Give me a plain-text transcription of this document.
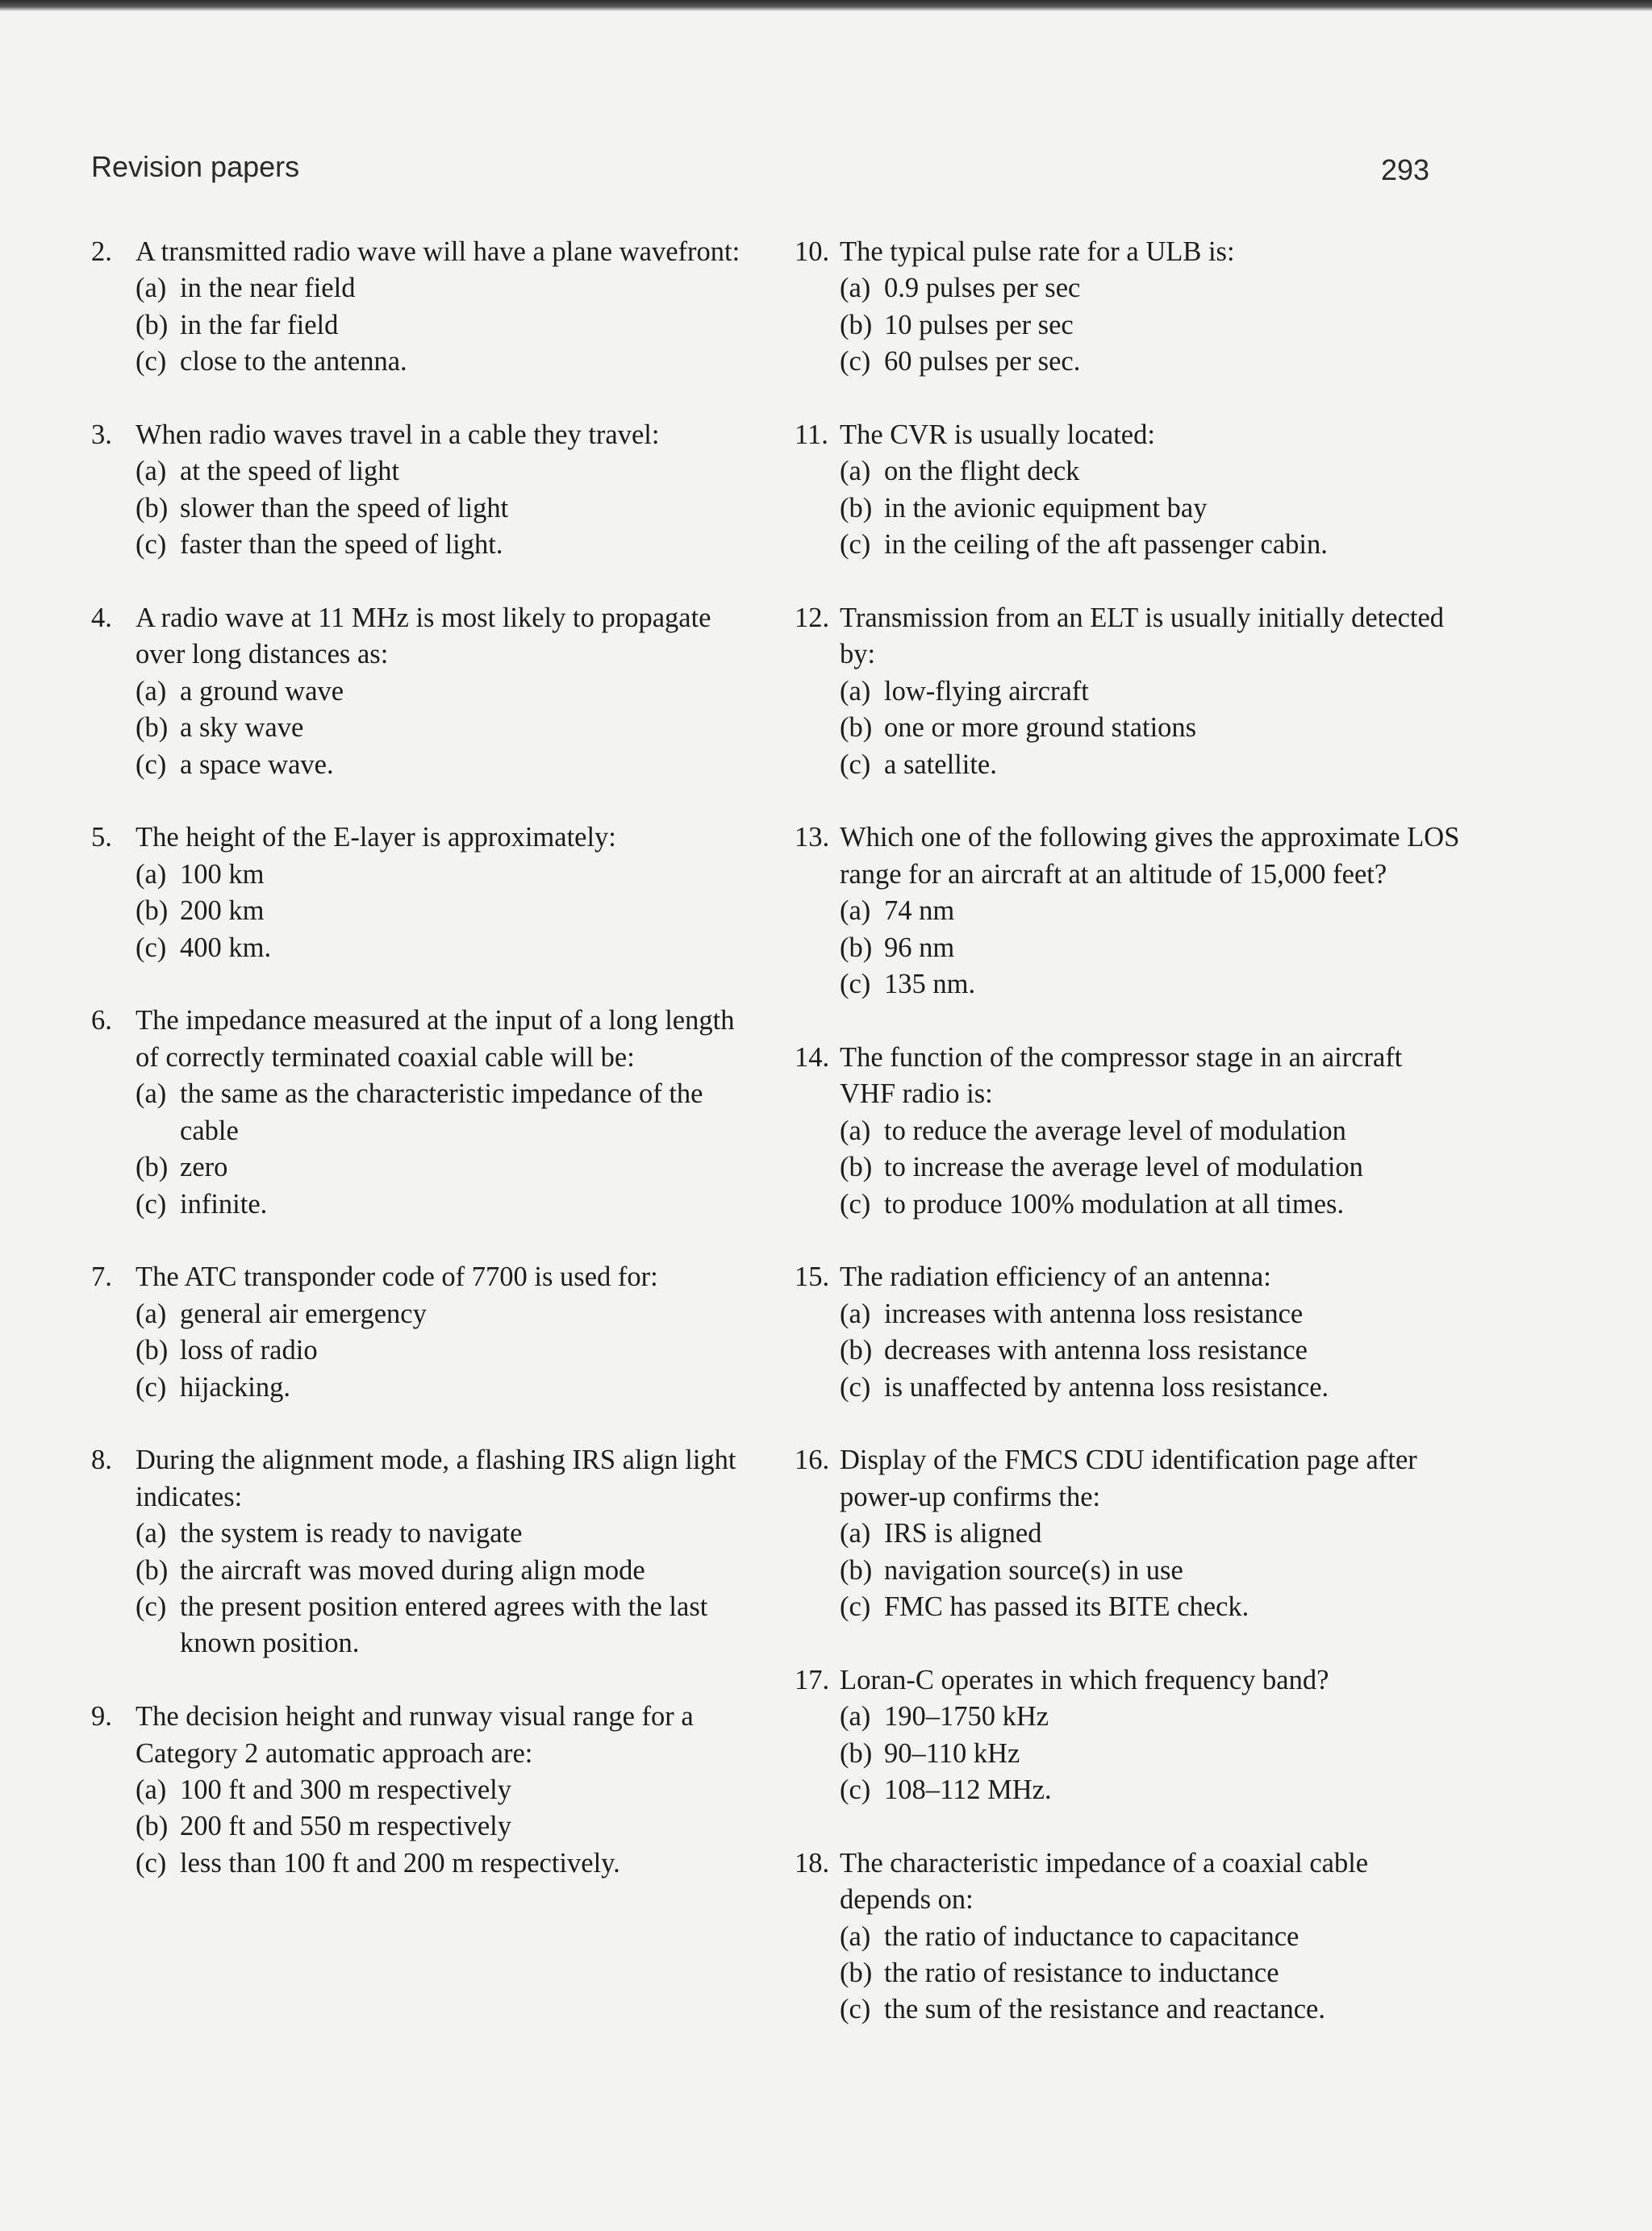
Revision papers	293
2. A transmitted radio wave will have a plane wavefront:
(a) in the near field
(b) in the far field
(c) close to the antenna.
3. When radio waves travel in a cable they travel:
(a) at the speed of light
(b) slower than the speed of light
(c) faster than the speed of light.
4. A radio wave at 11 MHz is most likely to propagate over long distances as:
(a) a ground wave
(b) a sky wave
(c) a space wave.
5. The height of the E-layer is approximately:
(a) 100 km
(b) 200 km
(c) 400 km.
6. The impedance measured at the input of a long length of correctly terminated coaxial cable will be:
(a) the same as the characteristic impedance of the cable
(b) zero
(c) infinite.
7. The ATC transponder code of 7700 is used for:
(a) general air emergency
(b) loss of radio
(c) hijacking.
8. During the alignment mode, a flashing IRS align light indicates:
(a) the system is ready to navigate
(b) the aircraft was moved during align mode
(c) the present position entered agrees with the last known position.
9. The decision height and runway visual range for a Category 2 automatic approach are:
(a) 100 ft and 300 m respectively
(b) 200 ft and 550 m respectively
(c) less than 100 ft and 200 m respectively.
10. The typical pulse rate for a ULB is:
(a) 0.9 pulses per sec
(b) 10 pulses per sec
(c) 60 pulses per sec.
11. The CVR is usually located:
(a) on the flight deck
(b) in the avionic equipment bay
(c) in the ceiling of the aft passenger cabin.
12. Transmission from an ELT is usually initially detected by:
(a) low-flying aircraft
(b) one or more ground stations
(c) a satellite.
13. Which one of the following gives the approximate LOS range for an aircraft at an altitude of 15,000 feet?
(a) 74 nm
(b) 96 nm
(c) 135 nm.
14. The function of the compressor stage in an aircraft VHF radio is:
(a) to reduce the average level of modulation
(b) to increase the average level of modulation
(c) to produce 100% modulation at all times.
15. The radiation efficiency of an antenna:
(a) increases with antenna loss resistance
(b) decreases with antenna loss resistance
(c) is unaffected by antenna loss resistance.
16. Display of the FMCS CDU identification page after power-up confirms the:
(a) IRS is aligned
(b) navigation source(s) in use
(c) FMC has passed its BITE check.
17. Loran-C operates in which frequency band?
(a) 190–1750 kHz
(b) 90–110 kHz
(c) 108–112 MHz.
18. The characteristic impedance of a coaxial cable depends on:
(a) the ratio of inductance to capacitance
(b) the ratio of resistance to inductance
(c) the sum of the resistance and reactance.
